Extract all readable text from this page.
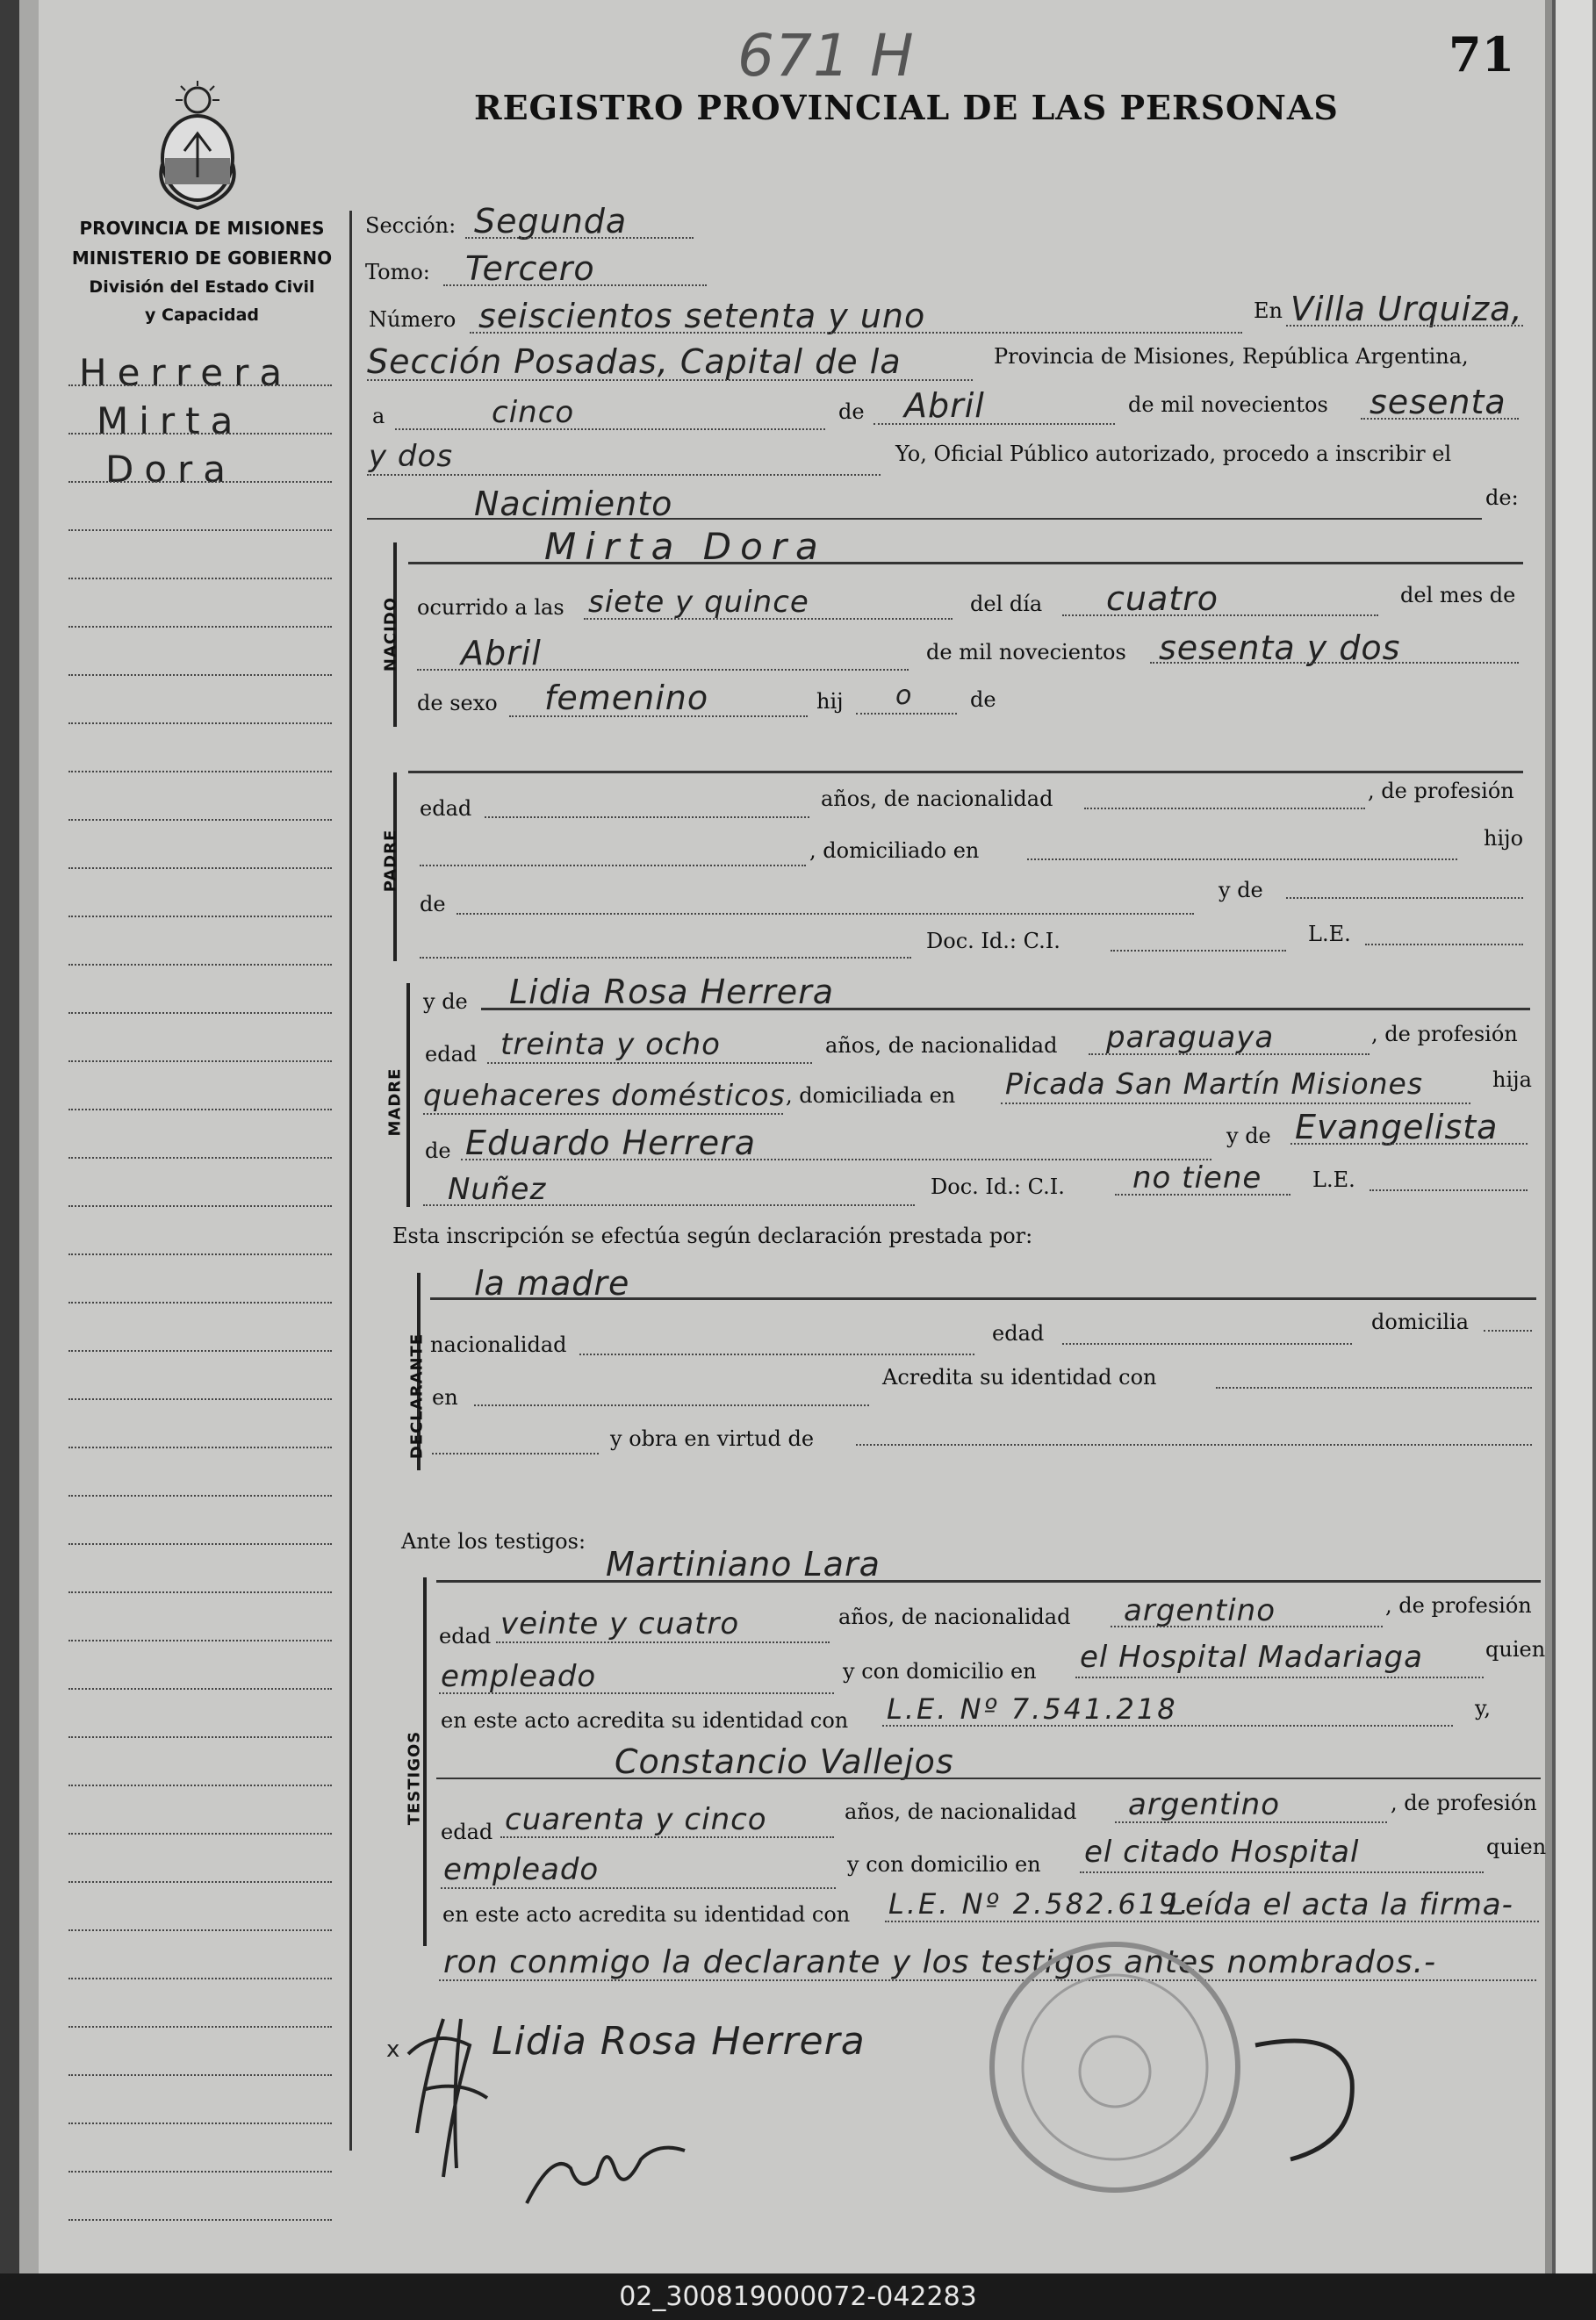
671 H	71
REGISTRO PROVINCIAL DE LAS PERSONAS
PROVINCIA DE MISIONES
MINISTERIO DE GOBIERNO
División del Estado Civil
y Capacidad
Herrera
Mirta
Dora
Sección: Segunda
Tomo: Tercero
Número seiscientos setenta y uno	En Villa Urquiza,
Sección Posadas, Capital de la	Provincia de Misiones, República Argentina,
a	cinco	de Abril	de mil novecientos sesenta
y dos	Yo, Oficial Público autorizado, procedo a inscribir el
Nacimiento	de:
NACIDO
Mirta Dora
ocurrido a las siete y quince	del día cuatro	del mes de
Abril	de mil novecientos sesenta y dos
de sexo femenino	hij o	de
PADRE
edad	años, de nacionalidad	, de profesión
, domiciliado en	hijo
de
y de
Doc. Id.: C.I.	L.E.
MADRE
y de Lidia Rosa Herrera
edad treinta y ocho	años, de nacionalidad paraguaya	, de profesión
quehaceres domésticos , domiciliada en Picada San Martín Misiones	hija
de Eduardo Herrera	y de Evangelista
Nuñez	Doc. Id.: C.I. no tiene L.E.
Esta inscripción se efectúa según declaración prestada por:
DECLARANTE
la madre
nacionalidad	edad	domicilia
en
Acredita su identidad con
y obra en virtud de
Ante los testigos:
TESTIGOS
Martiniano Lara
edad veinte y cuatro	años, de nacionalidad argentino	, de profesión
empleado	y con domicilio en el Hospital Madariaga	quien
en este acto acredita su identidad con L.E. Nº 7.541.218	y,
Constancio Vallejos
edad cuarenta y cinco	años, de nacionalidad argentino	, de profesión
empleado	y con domicilio en el citado Hospital	quien
en este acto acredita su identidad con L.E. Nº 2.582.619.-
Leída el acta la firma-
ron conmigo la declarante y los testigos antes nombrados.-
x Lidia Rosa Herrera
02_300819000072-042283
